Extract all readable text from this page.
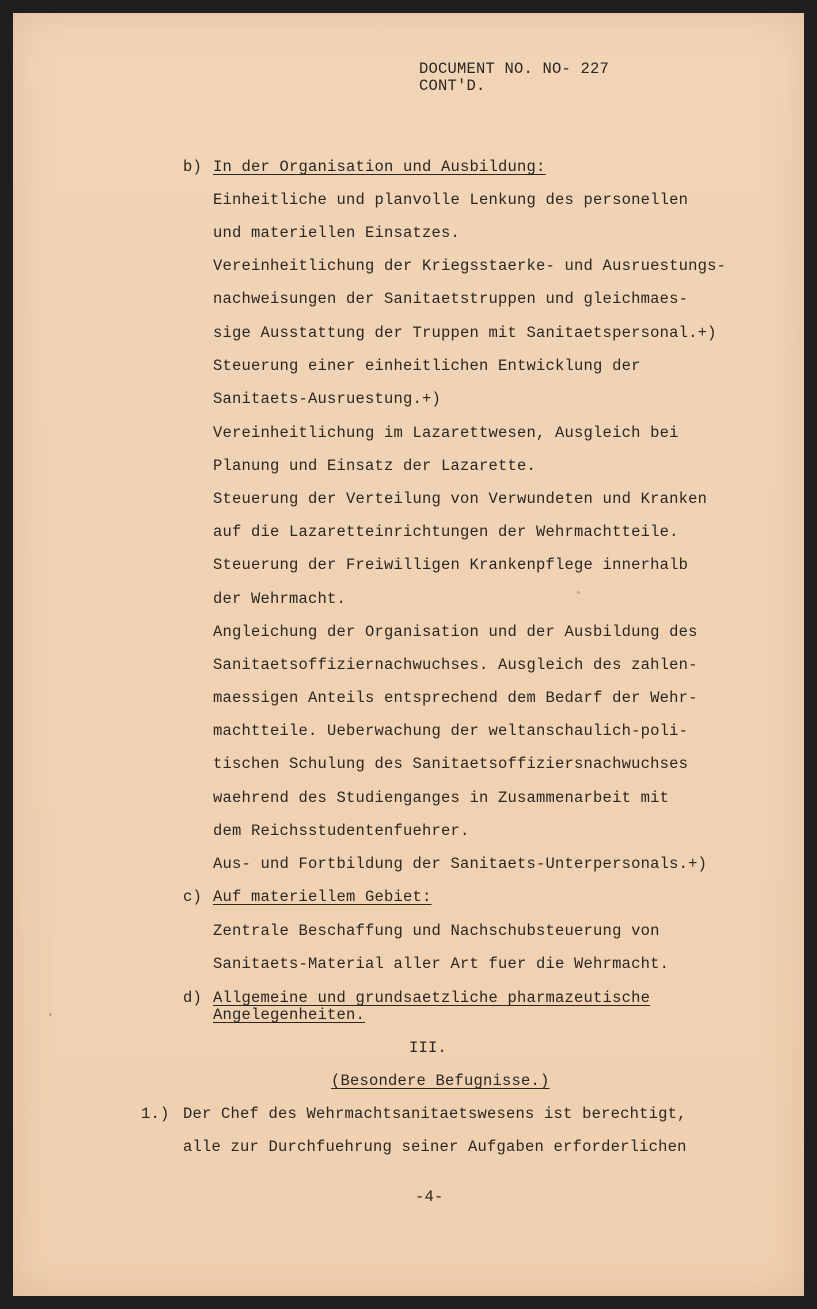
DOCUMENT NO. NO- 227
CONT'D.
b) In der Organisation und Ausbildung:
Einheitliche und planvolle Lenkung des personellen
und materiellen Einsatzes.
Vereinheitlichung der Kriegsstaerke- und Ausruestungs-
nachweisungen der Sanitaetstruppen und gleichmaes-
sige Ausstattung der Truppen mit Sanitaetspersonal.+)
Steuerung einer einheitlichen Entwicklung der
Sanitaets-Ausruestung.+)
Vereinheitlichung im Lazarettwesen, Ausgleich bei
Planung und Einsatz der Lazarette.
Steuerung der Verteilung von Verwundeten und Kranken
auf die Lazaretteinrichtungen der Wehrmachtteile.
Steuerung der Freiwilligen Krankenpflege innerhalb
der Wehrmacht.
Angleichung der Organisation und der Ausbildung des
Sanitaetsoffiziernachwuchses. Ausgleich des zahlen-
maessigen Anteils entsprechend dem Bedarf der Wehr-
machtteile. Ueberwachung der weltanschaulich-poli-
tischen Schulung des Sanitaetsoffiziersnachwuchses
waehrend des Studienganges in Zusammenarbeit mit
dem Reichsstudentenfuehrer.
Aus- und Fortbildung der Sanitaets-Unterpersonals.+)
c) Auf materiellem Gebiet:
Zentrale Beschaffung und Nachschubsteuerung von
Sanitaets-Material aller Art fuer die Wehrmacht.
d) Allgemeine und grundsaetzliche pharmazeutische
Angelegenheiten.
III.
(Besondere Befugnisse.)
1.) Der Chef des Wehrmachtsanitaetswesens ist berechtigt,
alle zur Durchfuehrung seiner Aufgaben erforderlichen
-4-
